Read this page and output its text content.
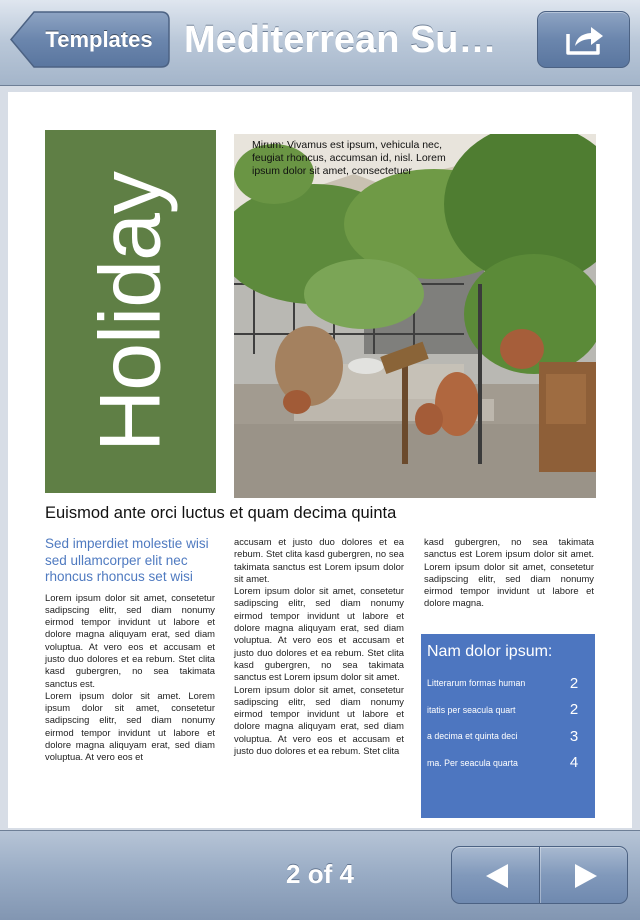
Templates Mediterrean Su…
Holiday
Mirum: Vivamus est ipsum, vehicula nec, feugiat rhoncus, accumsan id, nisl. Lorem ipsum dolor sit amet, consectetuer
Euismod ante orci luctus et quam decima quinta
Sed imperdiet molestie wisi sed ullamcorper elit nec rhoncus rhoncus set wisi

Lorem ipsum dolor sit amet, consetetur sadipscing elitr, sed diam nonumy eirmod tempor invidunt ut labore et dolore magna aliquyam erat, sed diam voluptua. At vero eos et accusam et justo duo dolores et ea rebum. Stet clita kasd gubergren, no sea takimata sanctus est.

Lorem ipsum dolor sit amet. Lorem ipsum dolor sit amet, consetetur sadipscing elitr, sed diam nonumy eirmod tempor invidunt ut labore et dolore magna aliquyam erat, sed diam voluptua. At vero eos et

accusam et justo duo dolores et ea rebum. Stet clita kasd gubergren, no sea takimata sanctus est Lorem ipsum dolor sit amet.

Lorem ipsum dolor sit amet, consetetur sadipscing elitr, sed diam nonumy eirmod tempor invidunt ut labore et dolore magna aliquyam erat, sed diam voluptua. At vero eos et accusam et justo duo dolores et ea rebum. Stet clita kasd gubergren, no sea takimata sanctus est Lorem ipsum dolor sit amet.

Lorem ipsum dolor sit amet, consetetur sadipscing elitr, sed diam nonumy eirmod tempor invidunt ut labore et dolore magna aliquyam erat, sed diam voluptua. At vero eos et accusam et justo duo dolores et ea rebum. Stet clita

kasd gubergren, no sea takimata sanctus est Lorem ipsum dolor sit amet. Lorem ipsum dolor sit amet, consetetur sadipscing elitr, sed diam nonumy eirmod tempor invidunt ut labore et dolore magna.

Nam dolor ipsum:
Litterarum formas human	2
itatis per seacula quart	2
a decima et quinta deci	3
ma. Per seacula quarta	4
2 of 4
